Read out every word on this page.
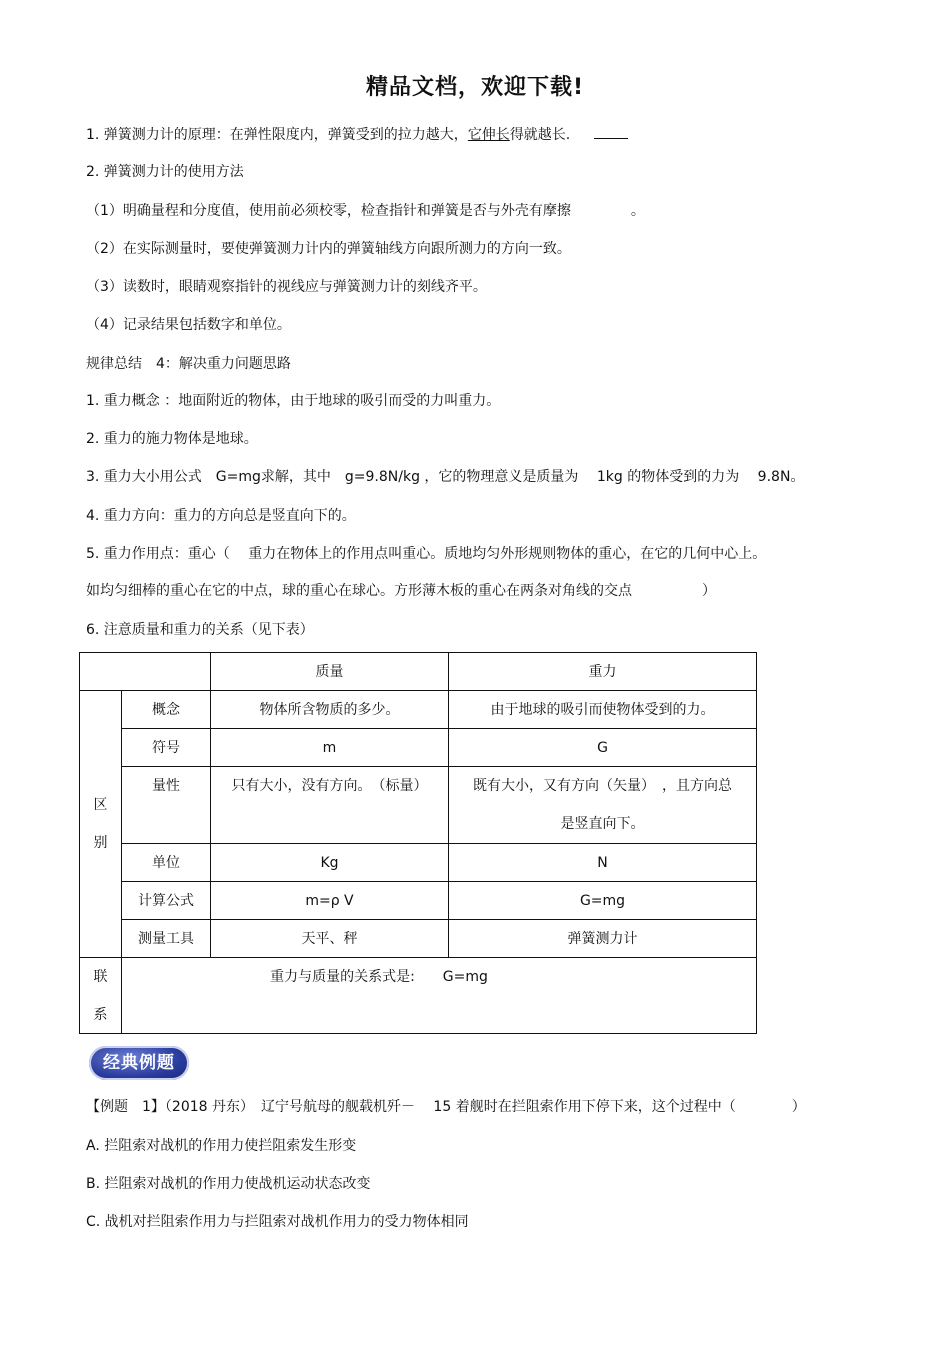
精品文档，欢迎下载!
1. 弹簧测力计的原理：在弹性限度内，弹簧受到的拉力越大，它伸长得就越长.
2. 弹簧测力计的使用方法
（1）明确量程和分度值，使用前必须校零，检查指针和弹簧是否与外壳有摩擦	。
（2）在实际测量时，要使弹簧测力计内的弹簧轴线方向跟所测力的方向一致。
（3）读数时，眼睛观察指针的视线应与弹簧测力计的刻线齐平。
（4）记录结果包括数字和单位。
规律总结　4：解决重力问题思路
1. 重力概念 ：地面附近的物体，由于地球的吸引而受的力叫重力。
2. 重力的施力物体是地球。
3. 重力大小用公式　G=mg求解，其中　g=9.8N/kg ，它的物理意义是质量为　 1kg 的物体受到的力为　 9.8N。
4. 重力方向：重力的方向总是竖直向下的。
5. 重力作用点：重心（　 重力在物体上的作用点叫重心。质地均匀外形规则物体的重心，在它的几何中心上。
如均匀细棒的重心在它的中点，球的重心在球心。方形薄木板的重心在两条对角线的交点	）
6. 注意质量和重力的关系（见下表）
		质量	重力

区
别	概念	物体所含物质的多少。	由于地球的吸引而使物体受到的力。
	符号	m	G
	量性	只有大小，没有方向。　（标量）	既有大小，又有方向（矢量）　，且方向总
是竖直向下。

	单位	Kg	N
	计算公式	m=ρ V	G=mg
	测量工具	天平、秤	弹簧测力计

联
系	重力与质量的关系式是:　　G=mg		
经典例题
【例题　1】（2018 丹东）　辽宁号航母的舰载机歼－　 15 着舰时在拦阻索作用下停下来，这个过程中（　　　　）
A. 拦阻索对战机的作用力使拦阻索发生形变
B. 拦阻索对战机的作用力使战机运动状态改变
C. 战机对拦阻索作用力与拦阻索对战机作用力的受力物体相同
